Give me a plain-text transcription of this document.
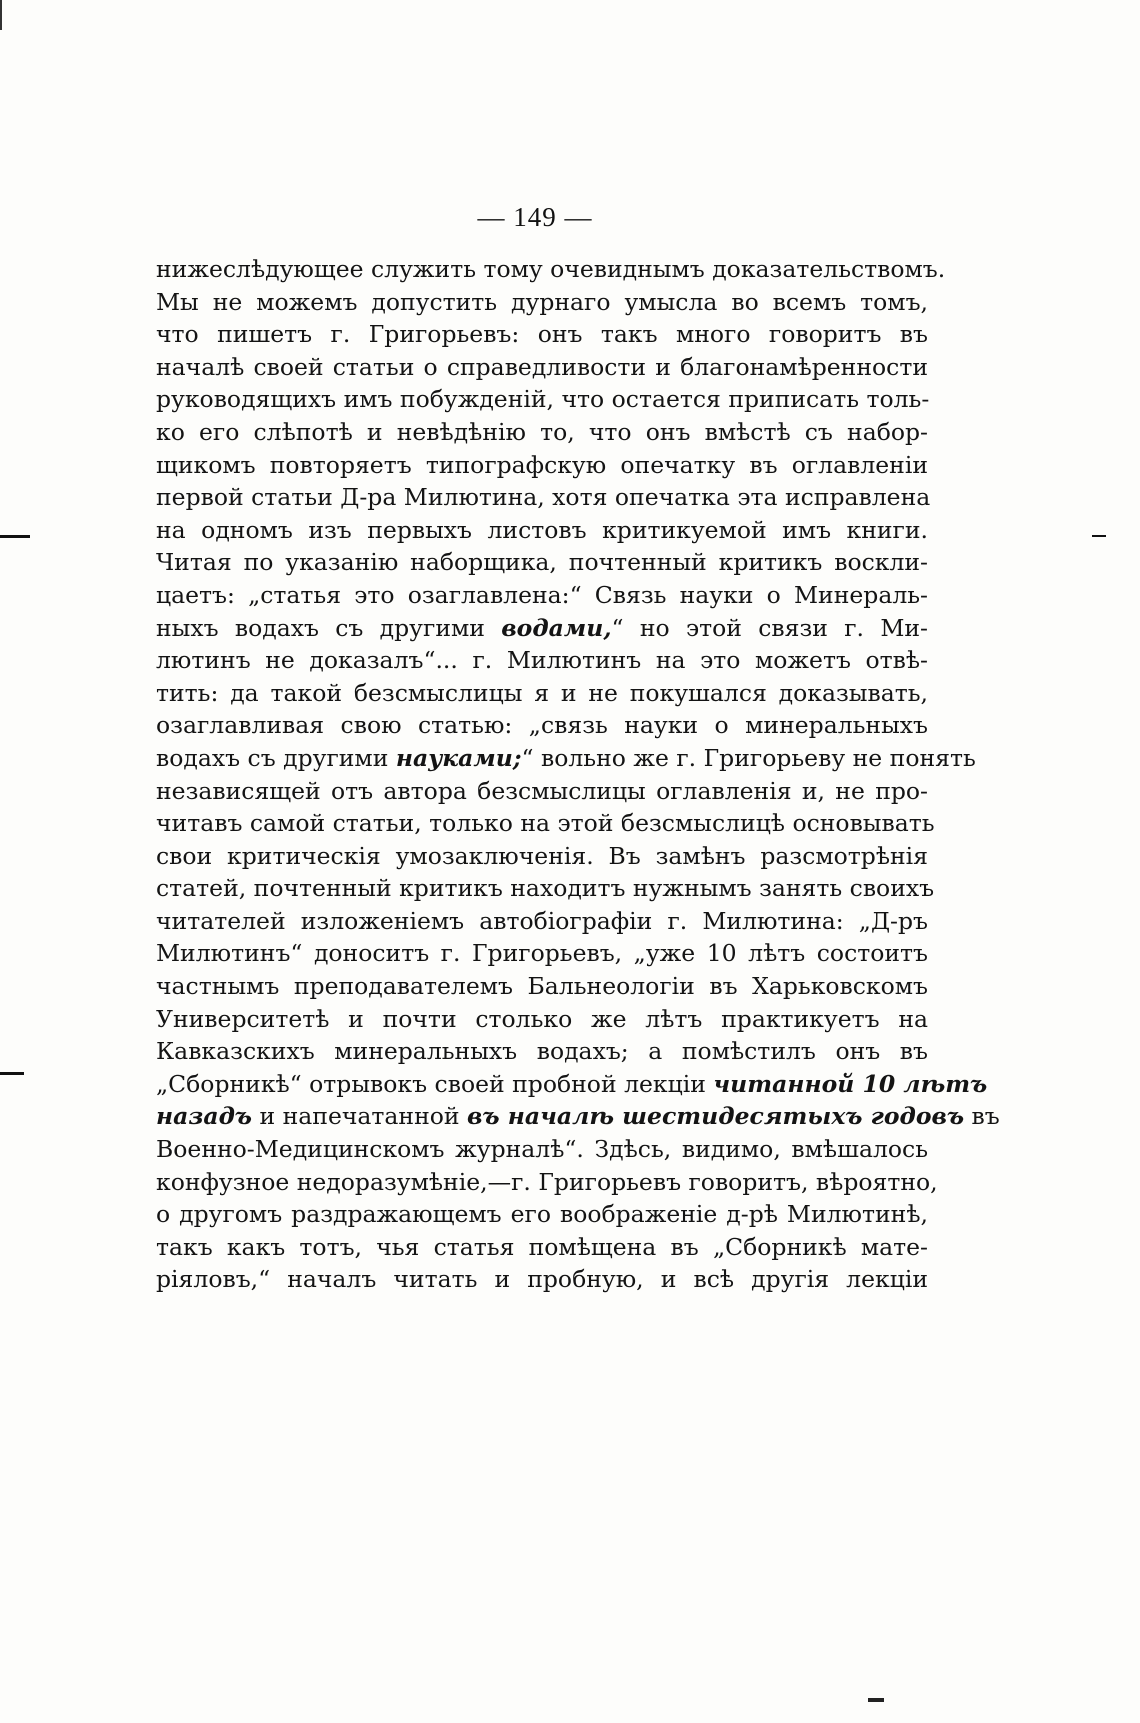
— 149 —
нижеслѣдующее служить тому очевиднымъ доказательствомъ.
Мы не можемъ допустить дурнаго умысла во всемъ томъ,
что пишетъ г. Григорьевъ: онъ такъ много говоритъ въ
началѣ своей статьи о справедливости и благонамѣренности
руководящихъ имъ побужденій, что остается приписать толь-
ко его слѣпотѣ и невѣдѣнію то, что онъ вмѣстѣ съ набор-
щикомъ повторяетъ типографскую опечатку въ оглавленіи
первой статьи Д-ра Милютина, хотя опечатка эта исправлена
на одномъ изъ первыхъ листовъ критикуемой имъ книги.
Читая по указанію наборщика, почтенный критикъ воскли-
цаетъ: „статья это озаглавлена:“ Связь науки о Минераль-
ныхъ водахъ съ другими водами,“ но этой связи г. Ми-
лютинъ не доказалъ“... г. Милютинъ на это можетъ отвѣ-
тить: да такой безсмыслицы я и не покушался доказывать,
озаглавливая свою статью: „связь науки о минеральныхъ
водахъ съ другими науками;“ вольно же г. Григорьеву не понять
независящей отъ автора безсмыслицы оглавленія и, не про-
читавъ самой статьи, только на этой безсмыслицѣ основывать
свои критическія умозаключенія. Въ замѣнъ разсмотрѣнія
статей, почтенный критикъ находитъ нужнымъ занять своихъ
читателей изложеніемъ автобіографіи г. Милютина: „Д-ръ
Милютинъ“ доноситъ г. Григорьевъ, „уже 10 лѣтъ состоитъ
частнымъ преподавателемъ Бальнеологіи въ Харьковскомъ
Университетѣ и почти столько же лѣтъ практикуетъ на
Кавказскихъ минеральныхъ водахъ; а помѣстилъ онъ въ
„Сборникѣ“ отрывокъ своей пробной лекціи читанной 10 лѣтъ
назадъ и напечатанной въ началѣ шестидесятыхъ годовъ въ
Военно-Медицинскомъ журналѣ“. Здѣсь, видимо, вмѣшалось
конфузное недоразумѣніе,—г. Григорьевъ говоритъ, вѣроятно,
о другомъ раздражающемъ его воображеніе д-рѣ Милютинѣ,
такъ какъ тотъ, чья статья помѣщена въ „Сборникѣ мате-
ріяловъ,“ началъ читать и пробную, и всѣ другія лекціи
